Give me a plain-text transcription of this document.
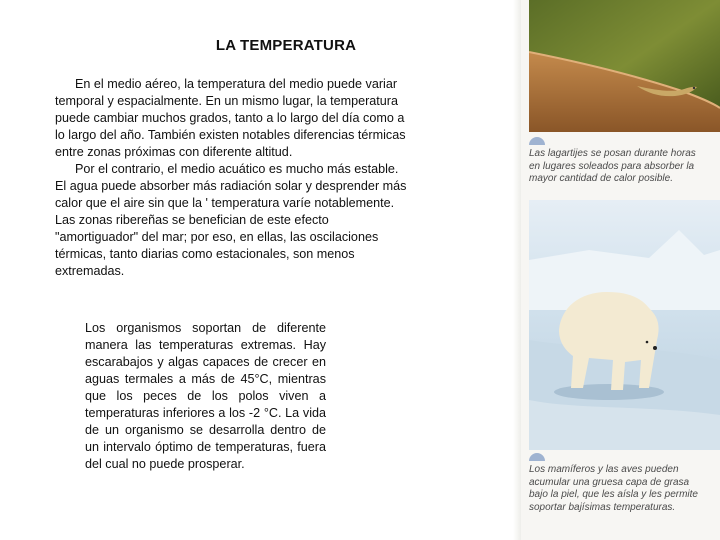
LA TEMPERATURA

En el medio aéreo, la temperatura del medio puede variar temporal y espacialmente. En un mismo lugar, la temperatura puede cambiar muchos grados, tanto a lo largo del día como a lo largo del año. También existen notables diferencias térmicas entre zonas próximas con diferente altitud.

Por el contrario, el medio acuático es mucho más estable. El agua puede absorber más radiación solar y desprender más calor que el aire sin que la ' temperatura varíe notablemente. Las zonas ribereñas se benefician de este efecto "amortiguador" del mar; por eso, en ellas, las oscilaciones térmicas, tanto diarias como estacionales, son menos extremadas.

Los organismos soportan de diferente manera las temperaturas extremas. Hay escarabajos y algas capaces de crecer en aguas termales a más de 45°C, mientras que los peces de los polos viven a temperaturas inferiores a los -2 °C. La vida de un organismo se desarrolla dentro de un intervalo óptimo de temperaturas, fuera del cual no puede prosperar.

Las lagartijes se posan durante horas en lugares soleados para absorber la mayor cantidad de calor posible.
Los mamíferos y las aves pueden acumular una gruesa capa de grasa bajo la piel, que les aísla y les permite soportar bajísimas temperaturas.
